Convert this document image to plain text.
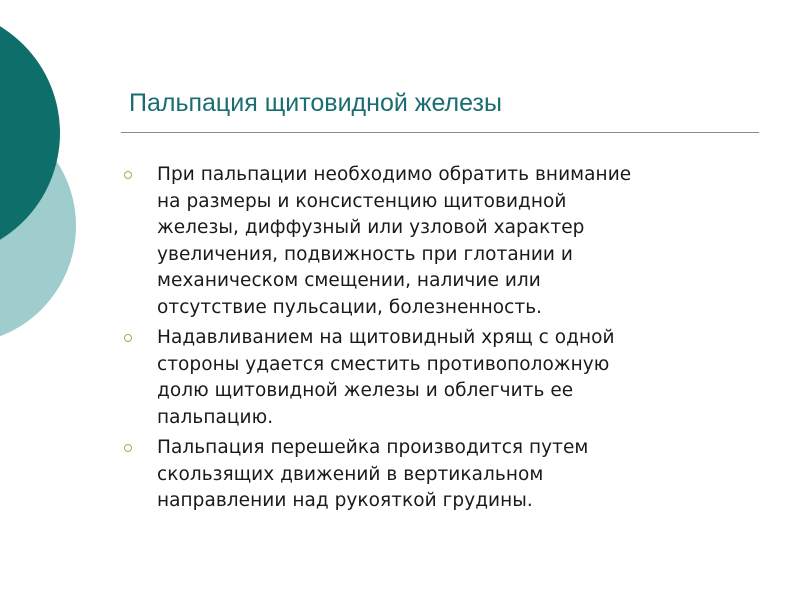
Пальпация щитовидной железы
При пальпации необходимо обратить внимание
на размеры и консистенцию щитовидной
железы, диффузный или узловой характер
увеличения, подвижность при глотании и
механическом смещении, наличие или
отсутствие пульсации, болезненность.
Надавливанием на щитовидный хрящ с одной
стороны удается сместить противоположную
долю щитовидной железы и облегчить ее
пальпацию.
Пальпация перешейка производится путем
скользящих движений в вертикальном
направлении над рукояткой грудины.
